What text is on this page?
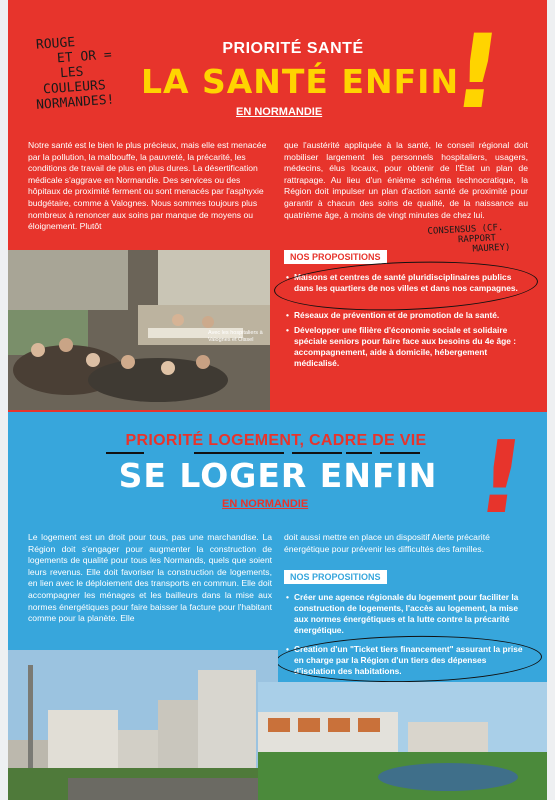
ROUGE
ET OR =
LES
COULEURS
NORMANDES!
PRIORITÉ SANTÉ
LA SANTÉ ENFIN
EN NORMANDIE !

Notre santé est le bien le plus précieux, mais elle est menacée par la pollution, la malbouffe, la pauvreté, la précarité, les conditions de travail de plus en plus dures. La désertification médicale s'aggrave en Normandie. Des services ou des hôpitaux de proximité ferment ou sont menacés par l'asphyxie budgétaire, comme à Valognes. Nous sommes toujours plus nombreux à renoncer aux soins par manque de moyens ou éloignement. Plutôt

que l'austérité appliquée à la santé, le conseil régional doit mobiliser largement les personnels hospitaliers, usagers, médecins, élus locaux, pour obtenir de l'État un plan de rattrapage. Au lieu d'un énième schéma technocratique, la Région doit impulser un plan d'action santé de proximité pour garantir à chacun des soins de qualité, de la naissance au quatrième âge, à moins de vingt minutes de chez lui.

CONSENSUS (CF.
RAPPORT
MAUREY)
Avec les hospitaliers à Valognes et Oissel
NOS PROPOSITIONS

• Maisons et centres de santé pluridisciplinaires publics dans les quartiers de nos villes et dans nos campagnes.

• Réseaux de prévention et de promotion de la santé.

• Développer une filière d'économie sociale et solidaire spéciale seniors pour faire face aux besoins du 4e âge : accompagnement, aide à domicile, hébergement médicalisé.

PRIORITÉ LOGEMENT, CADRE DE VIE
SE LOGER ENFIN
EN NORMANDIE !

Le logement est un droit pour tous, pas une marchandise. La Région doit s'engager pour augmenter la construction de logements de qualité pour tous les Normands, quels que soient leurs revenus. Elle doit favoriser la construction de logements, en lien avec le déploiement des transports en commun. Elle doit accompagner les ménages et les bailleurs dans la mise aux normes énergétiques pour faire baisser la facture pour l'habitant comme pour la planète. Elle

doit aussi mettre en place un dispositif Alerte précarité énergétique pour prévenir les difficultés des familles.

NOS PROPOSITIONS

• Créer une agence régionale du logement pour faciliter la construction de logements, l'accès au logement, la mise aux normes énergétiques et la lutte contre la précarité énergétique.

• Création d'un "Ticket tiers financement" assurant la prise en charge par la Région d'un tiers des dépenses d'isolation des habitations.
